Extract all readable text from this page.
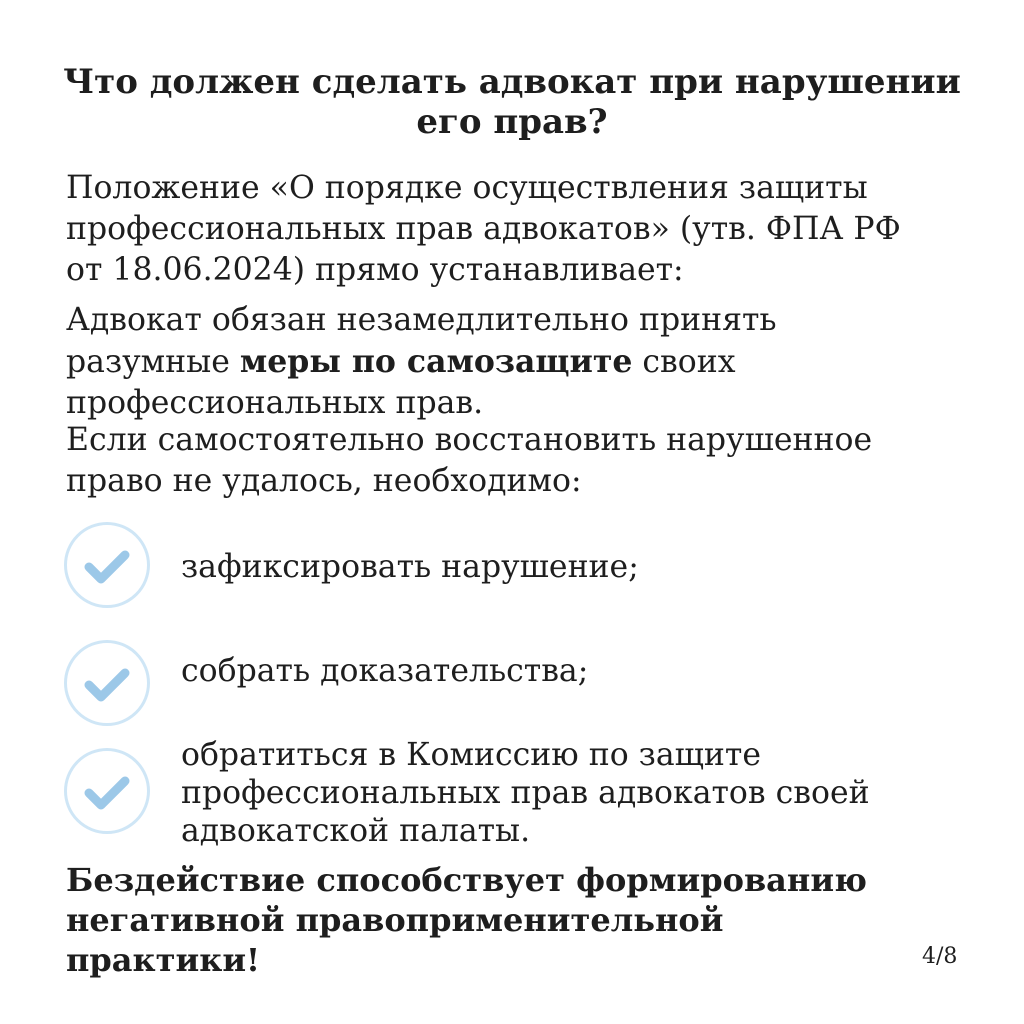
Что должен сделать адвокат при нарушении
его прав?

Положение «О порядке осуществления защиты
профессиональных прав адвокатов» (утв. ФПА РФ
от 18.06.2024) прямо устанавливает:

Адвокат обязан незамедлительно принять
разумные меры по самозащите своих
профессиональных прав.

Если самостоятельно восстановить нарушенное
право не удалось, необходимо:

зафиксировать нарушение;

собрать доказательства;

обратиться в Комиссию по защите
профессиональных прав адвокатов своей
адвокатской палаты.

Бездействие способствует формированию
негативной правоприменительной
практики!	4/8
